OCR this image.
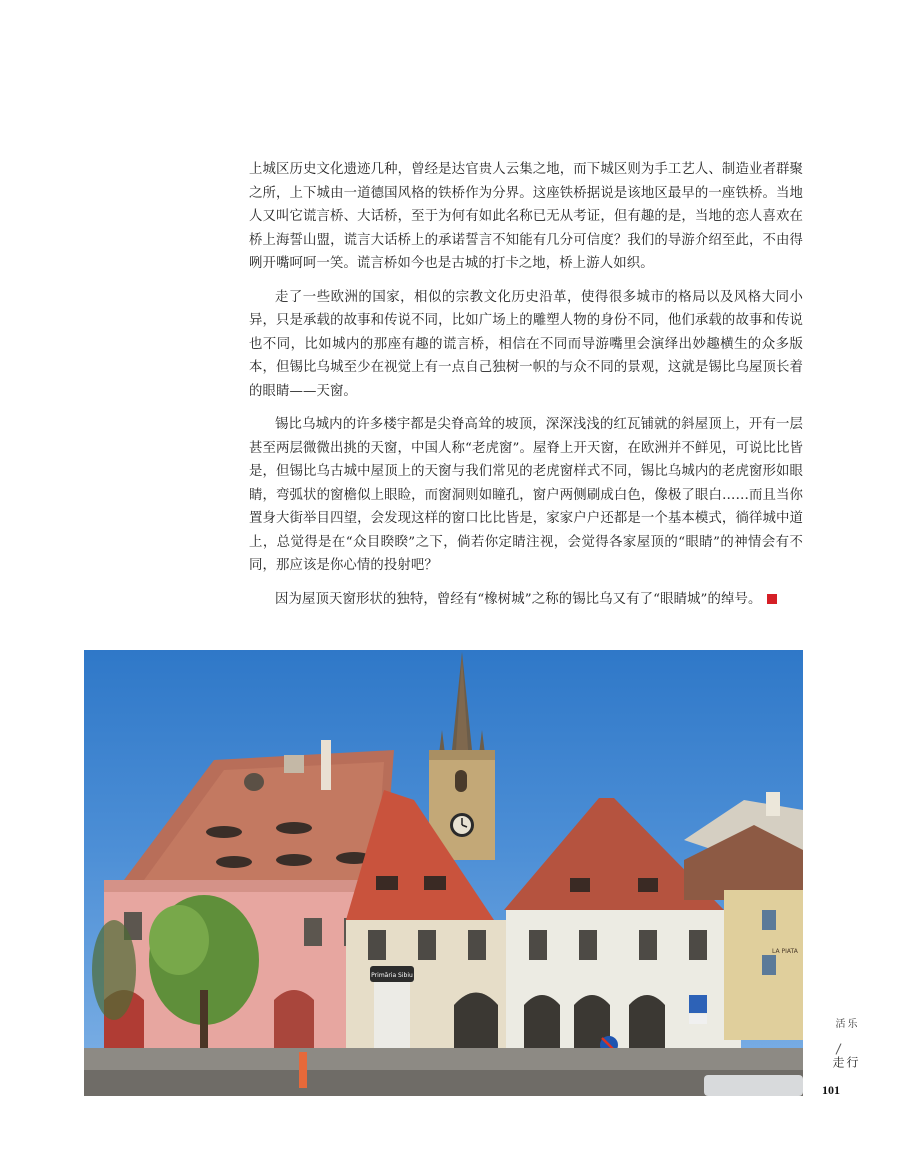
上城区历史文化遗迹几种，曾经是达官贵人云集之地，而下城区则为手工艺人、制造业者群聚之所，上下城由一道德国风格的铁桥作为分界。这座铁桥据说是该地区最早的一座铁桥。当地人又叫它谎言桥、大话桥，至于为何有如此名称已无从考证，但有趣的是，当地的恋人喜欢在桥上海誓山盟，谎言大话桥上的承诺誓言不知能有几分可信度？我们的导游介绍至此，不由得咧开嘴呵呵一笑。谎言桥如今也是古城的打卡之地，桥上游人如织。

走了一些欧洲的国家，相似的宗教文化历史沿革，使得很多城市的格局以及风格大同小异，只是承载的故事和传说不同，比如广场上的雕塑人物的身份不同，他们承载的故事和传说也不同，比如城内的那座有趣的谎言桥，相信在不同而导游嘴里会演绎出妙趣横生的众多版本，但锡比乌城至少在视觉上有一点自己独树一帜的与众不同的景观，这就是锡比乌屋顶长着的眼睛——天窗。

锡比乌城内的许多楼宇都是尖脊高耸的坡顶，深深浅浅的红瓦铺就的斜屋顶上，开有一层甚至两层微微出挑的天窗，中国人称“老虎窗”。屋脊上开天窗，在欧洲并不鲜见，可说比比皆是，但锡比乌古城中屋顶上的天窗与我们常见的老虎窗样式不同，锡比乌城内的老虎窗形如眼睛，弯弧状的窗檐似上眼睑，而窗洞则如瞳孔，窗户两侧刷成白色，像极了眼白……而且当你置身大街举目四望，会发现这样的窗口比比皆是，家家户户还都是一个基本模式，徜徉城中道上，总觉得是在“众目睽睽”之下，倘若你定睛注视，会觉得各家屋顶的“眼睛”的神情会有不同，那应该是你心情的投射吧？

因为屋顶天窗形状的独特，曾经有“橡树城”之称的锡比乌又有了“眼睛城”的绰号。

LA PIATA
Primăria Sibiu
乐活
行走
101
